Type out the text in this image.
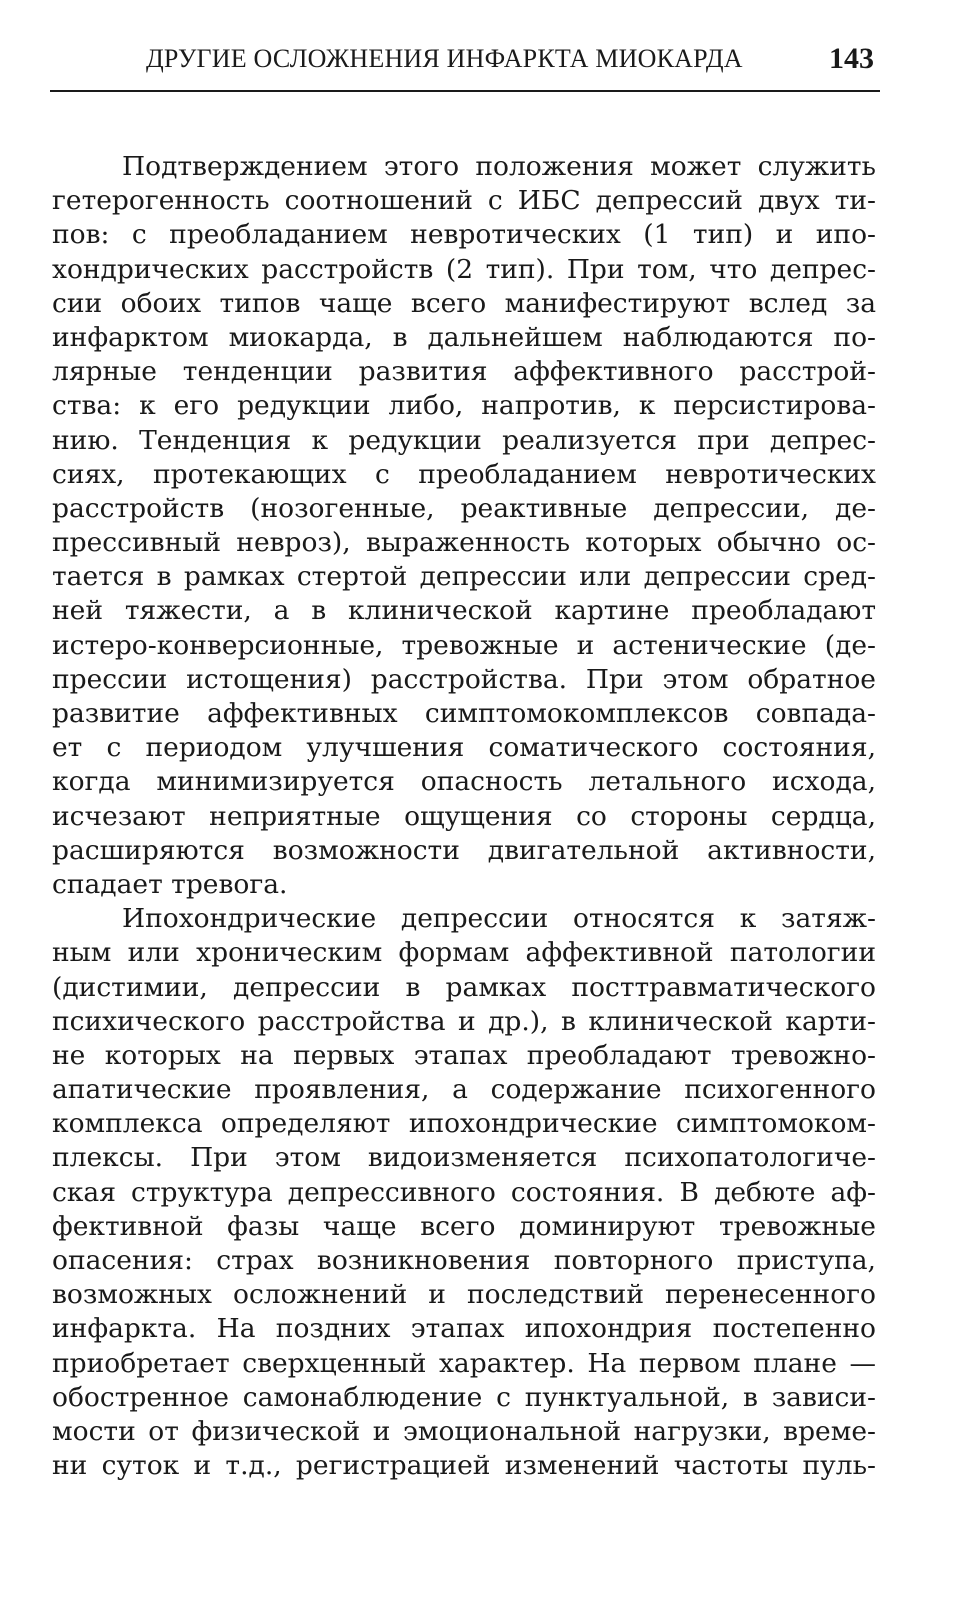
ДРУГИЕ ОСЛОЖНЕНИЯ ИНФАРКТА МИОКАРДА	143
Подтверждением этого положения может служить
гетерогенность соотношений с ИБС депрессий двух ти-
пов: с преобладанием невротических (1 тип) и ипо-
хондрических расстройств (2 тип). При том, что депрес-
сии обоих типов чаще всего манифестируют вслед за
инфарктом миокарда, в дальнейшем наблюдаются по-
лярные тенденции развития аффективного расстрой-
ства: к его редукции либо, напротив, к персистирова-
нию. Тенденция к редукции реализуется при депрес-
сиях, протекающих с преобладанием невротических
расстройств (нозогенные, реактивные депрессии, де-
прессивный невроз), выраженность которых обычно ос-
тается в рамках стертой депрессии или депрессии сред-
ней тяжести, а в клинической картине преобладают
истеро-конверсионные, тревожные и астенические (де-
прессии истощения) расстройства. При этом обратное
развитие аффективных симптомокомплексов совпада-
ет с периодом улучшения соматического состояния,
когда минимизируется опасность летального исхода,
исчезают неприятные ощущения со стороны сердца,
расширяются возможности двигательной активности,
спадает тревога.
Ипохондрические депрессии относятся к затяж-
ным или хроническим формам аффективной патологии
(дистимии, депрессии в рамках посттравматического
психического расстройства и др.), в клинической карти-
не которых на первых этапах преобладают тревожно-
апатические проявления, а содержание психогенного
комплекса определяют ипохондрические симптомоком-
плексы. При этом видоизменяется психопатологиче-
ская структура депрессивного состояния. В дебюте аф-
фективной фазы чаще всего доминируют тревожные
опасения: страх возникновения повторного приступа,
возможных осложнений и последствий перенесенного
инфаркта. На поздних этапах ипохондрия постепенно
приобретает сверхценный характер. На первом плане —
обостренное самонаблюдение с пунктуальной, в зависи-
мости от физической и эмоциональной нагрузки, време-
ни суток и т.д., регистрацией изменений частоты пуль-
